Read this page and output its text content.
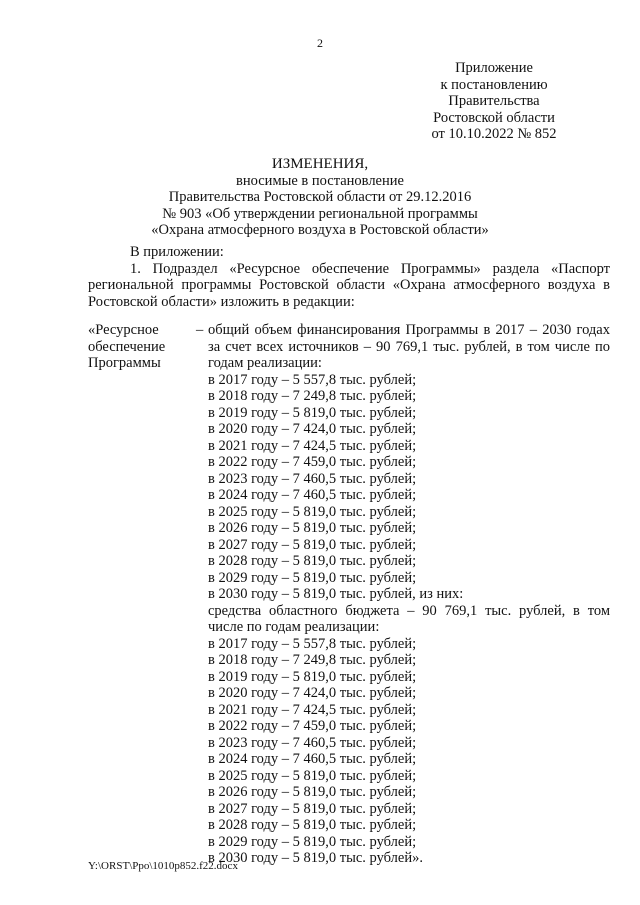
2
Приложение
к постановлению
Правительства
Ростовской области
от 10.10.2022 № 852
ИЗМЕНЕНИЯ,
вносимые в постановление
Правительства Ростовской области от 29.12.2016
№ 903 «Об утверждении региональной программы
«Охрана атмосферного воздуха в Ростовской области»
В приложении:
1. Подраздел «Ресурсное обеспечение Программы» раздела «Паспорт региональной программы Ростовской области «Охрана атмосферного воздуха в Ростовской области» изложить в редакции:
«Ресурсное
обеспечение
Программы
– общий объем финансирования Программы в 2017 – 2030 годах за счет всех источников – 90 769,1 тыс. рублей, в том числе по годам реализации:
в 2017 году – 5 557,8 тыс. рублей;
в 2018 году – 7 249,8 тыс. рублей;
в 2019 году – 5 819,0 тыс. рублей;
в 2020 году – 7 424,0 тыс. рублей;
в 2021 году – 7 424,5 тыс. рублей;
в 2022 году – 7 459,0 тыс. рублей;
в 2023 году – 7 460,5 тыс. рублей;
в 2024 году – 7 460,5 тыс. рублей;
в 2025 году – 5 819,0 тыс. рублей;
в 2026 году – 5 819,0 тыс. рублей;
в 2027 году – 5 819,0 тыс. рублей;
в 2028 году – 5 819,0 тыс. рублей;
в 2029 году – 5 819,0 тыс. рублей;
в 2030 году – 5 819,0 тыс. рублей, из них:
средства областного бюджета – 90 769,1 тыс. рублей, в том числе по годам реализации:
в 2017 году – 5 557,8 тыс. рублей;
в 2018 году – 7 249,8 тыс. рублей;
в 2019 году – 5 819,0 тыс. рублей;
в 2020 году – 7 424,0 тыс. рублей;
в 2021 году – 7 424,5 тыс. рублей;
в 2022 году – 7 459,0 тыс. рублей;
в 2023 году – 7 460,5 тыс. рублей;
в 2024 году – 7 460,5 тыс. рублей;
в 2025 году – 5 819,0 тыс. рублей;
в 2026 году – 5 819,0 тыс. рублей;
в 2027 году – 5 819,0 тыс. рублей;
в 2028 году – 5 819,0 тыс. рублей;
в 2029 году – 5 819,0 тыс. рублей;
в 2030 году – 5 819,0 тыс. рублей».
Y:\ORST\Ppo\1010p852.f22.docx
